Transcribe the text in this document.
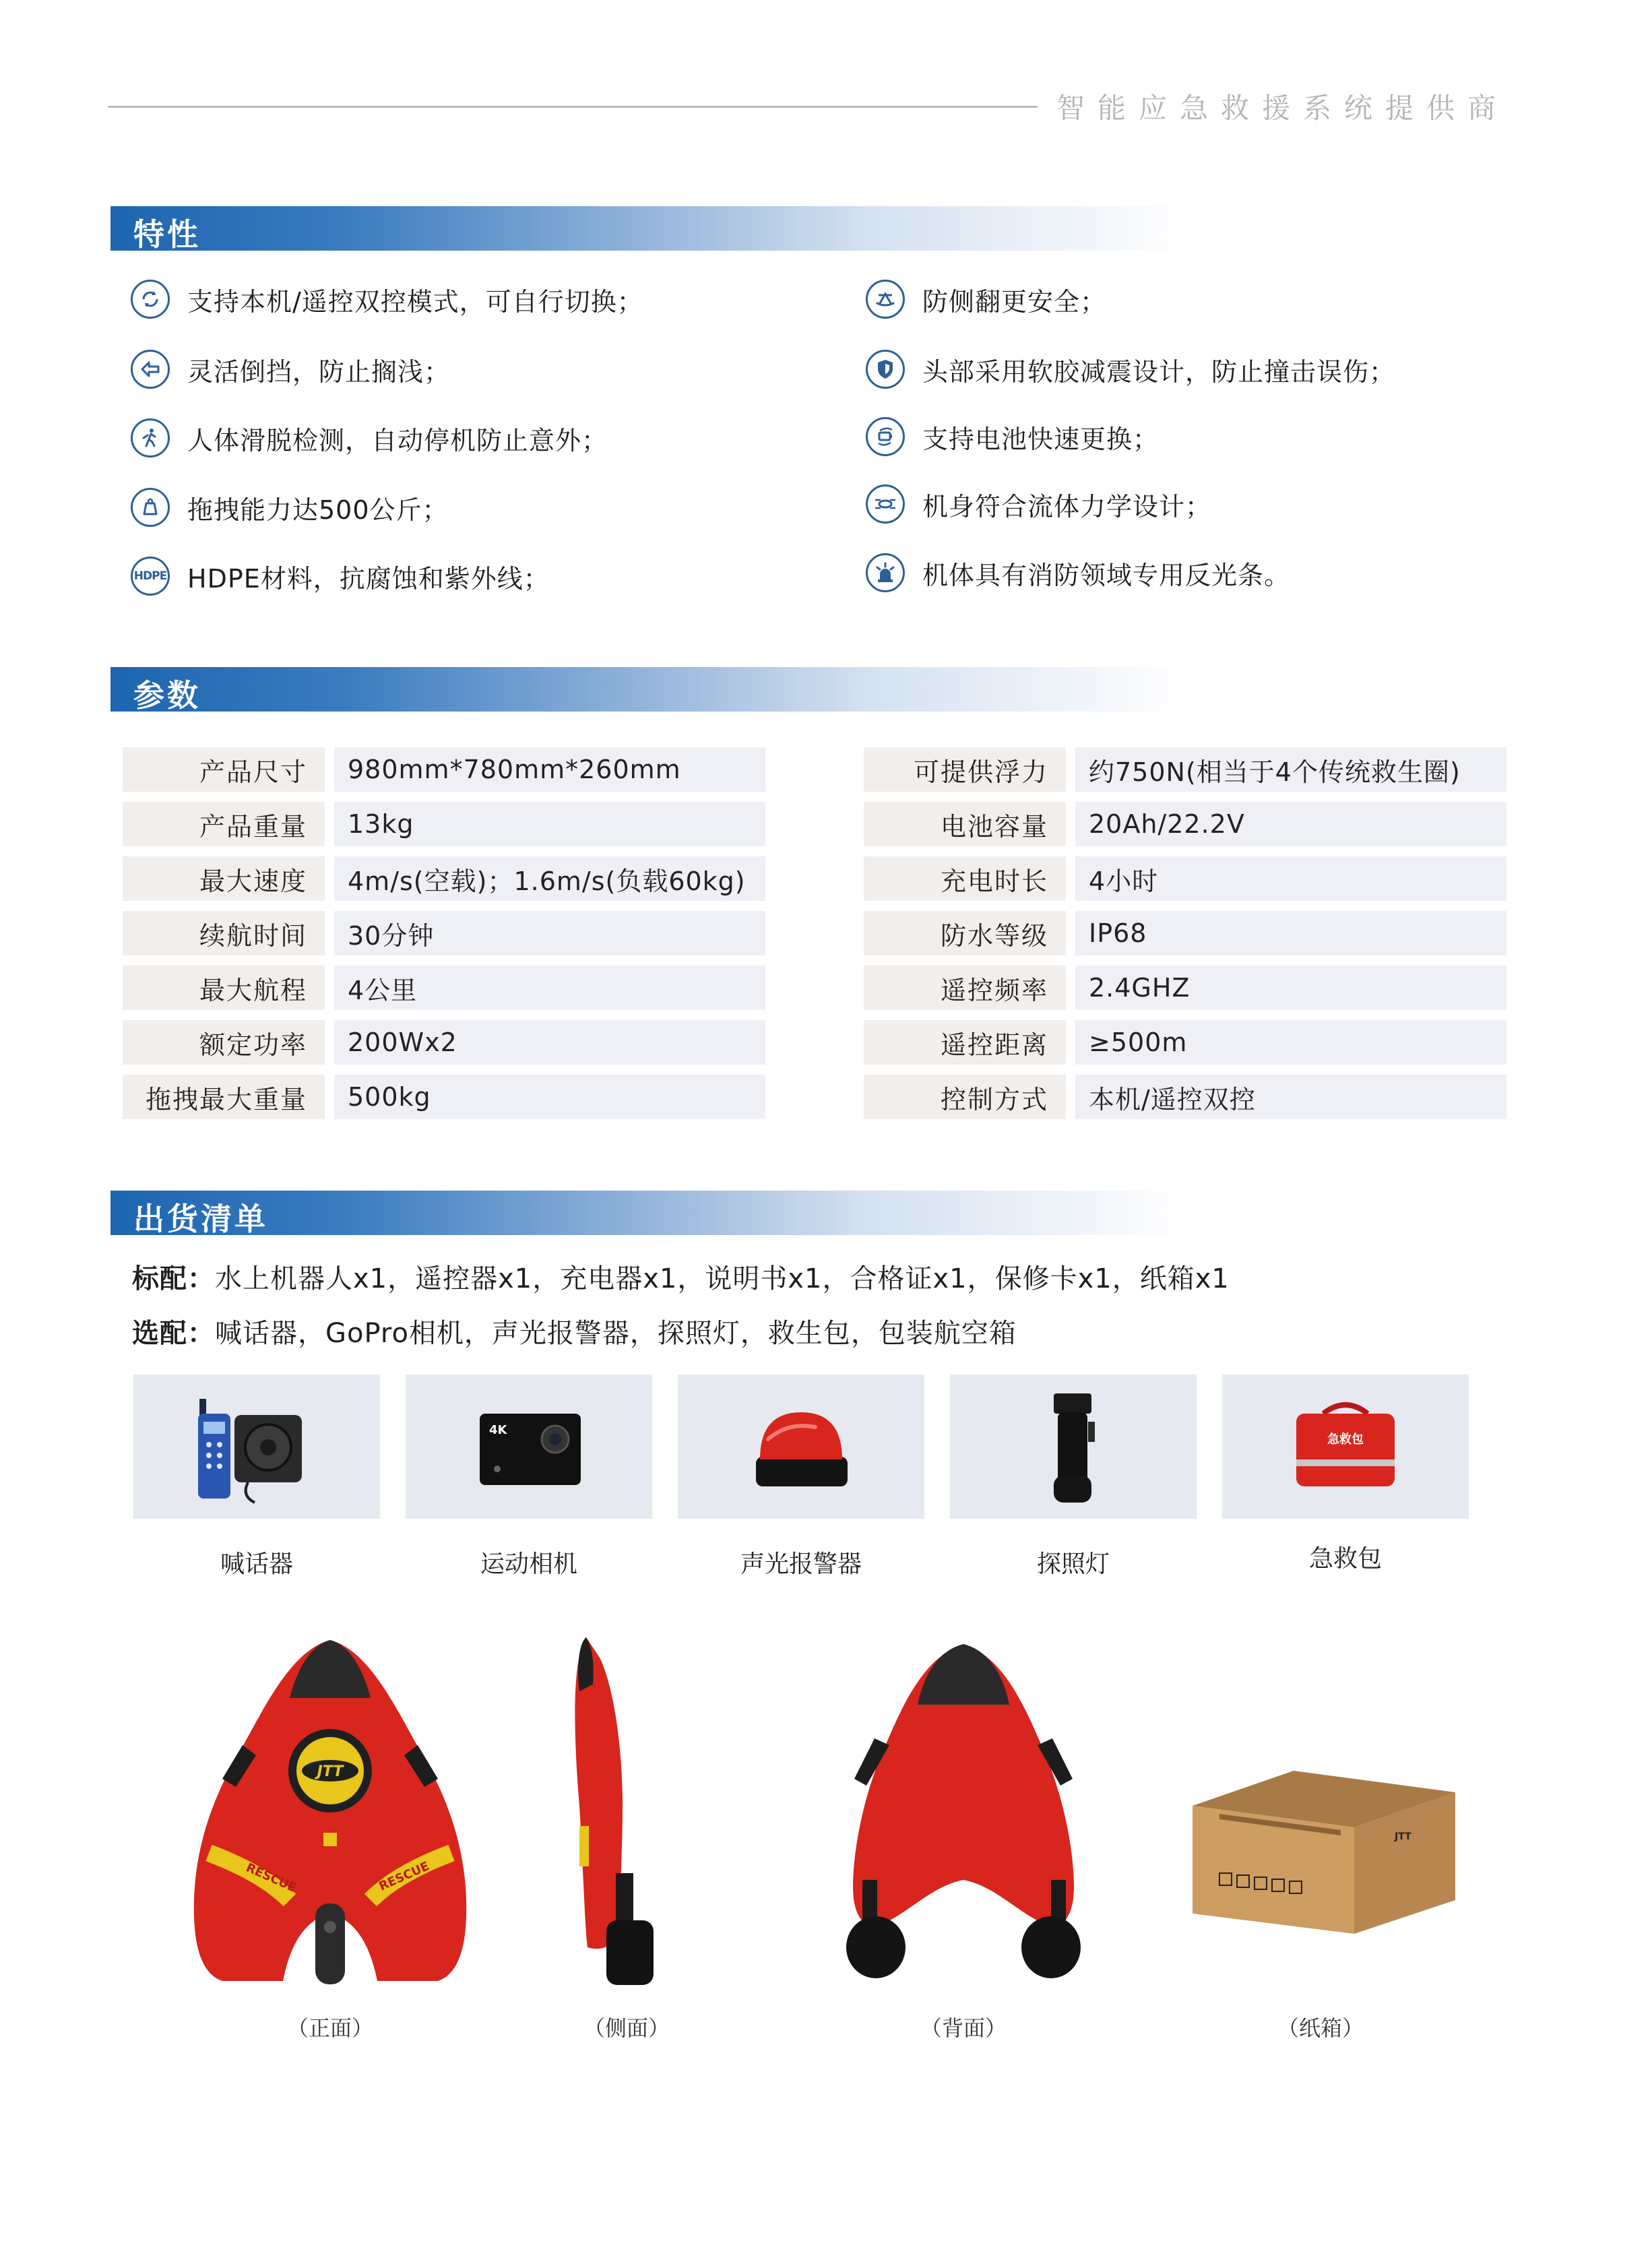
智能应急救援系统提供商
特性
支持本机/遥控双控模式，可自行切换；
灵活倒挡，防止搁浅；
人体滑脱检测，自动停机防止意外；
拖拽能力达500公斤；
HDPE HDPE材料，抗腐蚀和紫外线；
防侧翻更安全；
头部采用软胶减震设计，防止撞击误伤；
支持电池快速更换；
机身符合流体力学设计；
机体具有消防领域专用反光条。
参数
产品尺寸	980mm*780mm*260mm
产品重量	13kg
最大速度	4m/s(空载)；1.6m/s(负载60kg)
续航时间	30分钟
最大航程	4公里
额定功率	200Wx2
拖拽最大重量	500kg
可提供浮力	约750N(相当于4个传统救生圈)
电池容量	20Ah/22.2V
充电时长	4小时
防水等级	IP68
遥控频率	2.4GHZ
遥控距离	≥500m
控制方式	本机/遥控双控
出货清单
标配：水上机器人x1，遥控器x1，充电器x1，说明书x1，合格证x1，保修卡x1，纸箱x1
选配：喊话器，GoPro相机，声光报警器，探照灯，救生包，包装航空箱
4K
急救包
喊话器	运动相机	声光报警器	探照灯	急救包
JTT
RESCUE	RESCUE
JTT
（正面）	（侧面）	（背面）	（纸箱）
